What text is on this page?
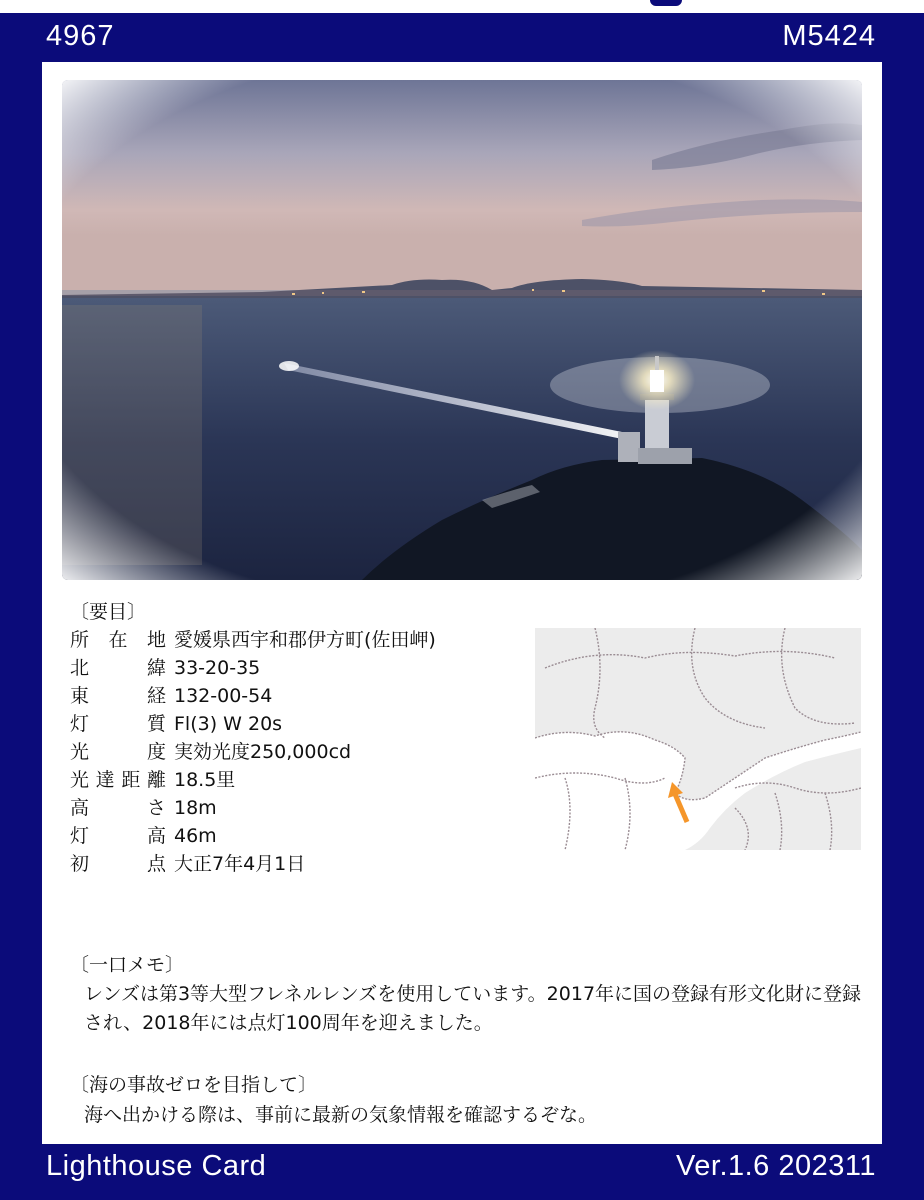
4967	M5424
〔要目〕
所在地 愛媛県西宇和郡伊方町(佐田岬)
北緯 33-20-35
東経 132-00-54
灯質 Fl(3) W 20s
光度 実効光度250,000cd
光達距離 18.5里
高さ 18m
灯高 46m
初点 大正7年4月1日
〔一口メモ〕
レンズは第3等大型フレネルレンズを使用しています。2017年に国の登録有形文化財に登録され、2018年には点灯100周年を迎えました。
〔海の事故ゼロを目指して〕
海へ出かける際は、事前に最新の気象情報を確認するぞな。
Lighthouse Card	Ver.1.6 202311
